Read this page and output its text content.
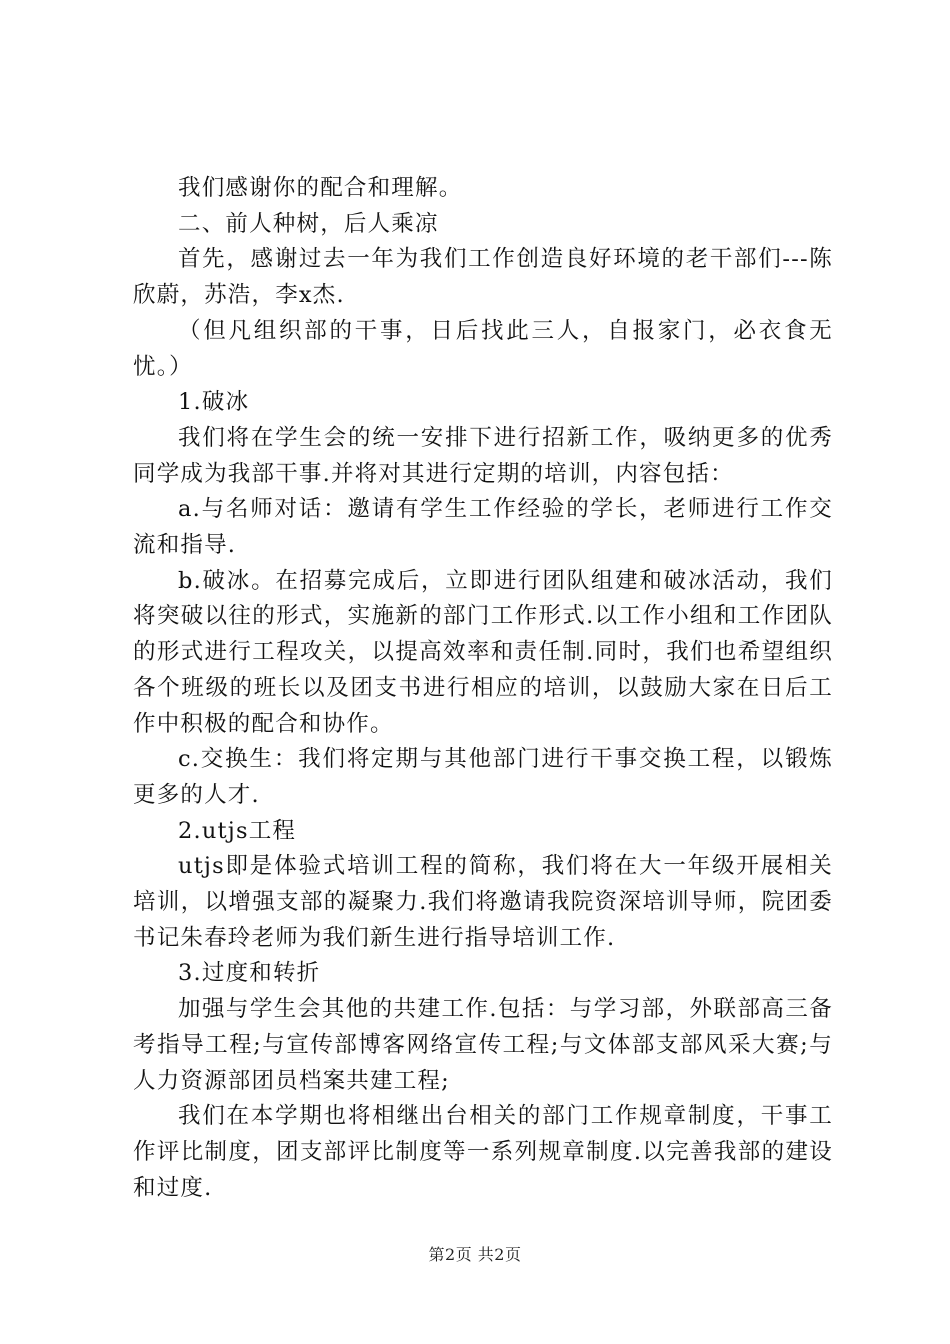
我们感谢你的配合和理解。

二、前人种树，后人乘凉

首先，感谢过去一年为我们工作创造良好环境的老干部们---陈欣蔚，苏浩，李x杰.

（但凡组织部的干事，日后找此三人，自报家门，必衣食无忧。）

1.破冰

我们将在学生会的统一安排下进行招新工作，吸纳更多的优秀同学成为我部干事.并将对其进行定期的培训，内容包括：

a.与名师对话：邀请有学生工作经验的学长，老师进行工作交流和指导.

b.破冰。在招募完成后，立即进行团队组建和破冰活动，我们将突破以往的形式，实施新的部门工作形式.以工作小组和工作团队的形式进行工程攻关，以提高效率和责任制.同时，我们也希望组织各个班级的班长以及团支书进行相应的培训，以鼓励大家在日后工作中积极的配合和协作。

c.交换生：我们将定期与其他部门进行干事交换工程，以锻炼更多的人才.

2.utjs工程

utjs即是体验式培训工程的简称，我们将在大一年级开展相关培训，以增强支部的凝聚力.我们将邀请我院资深培训导师，院团委书记朱春玲老师为我们新生进行指导培训工作.

3.过度和转折

加强与学生会其他的共建工作.包括：与学习部，外联部高三备考指导工程;与宣传部博客网络宣传工程;与文体部支部风采大赛;与人力资源部团员档案共建工程;

我们在本学期也将相继出台相关的部门工作规章制度，干事工作评比制度，团支部评比制度等一系列规章制度.以完善我部的建设和过度.

第2页 共2页
